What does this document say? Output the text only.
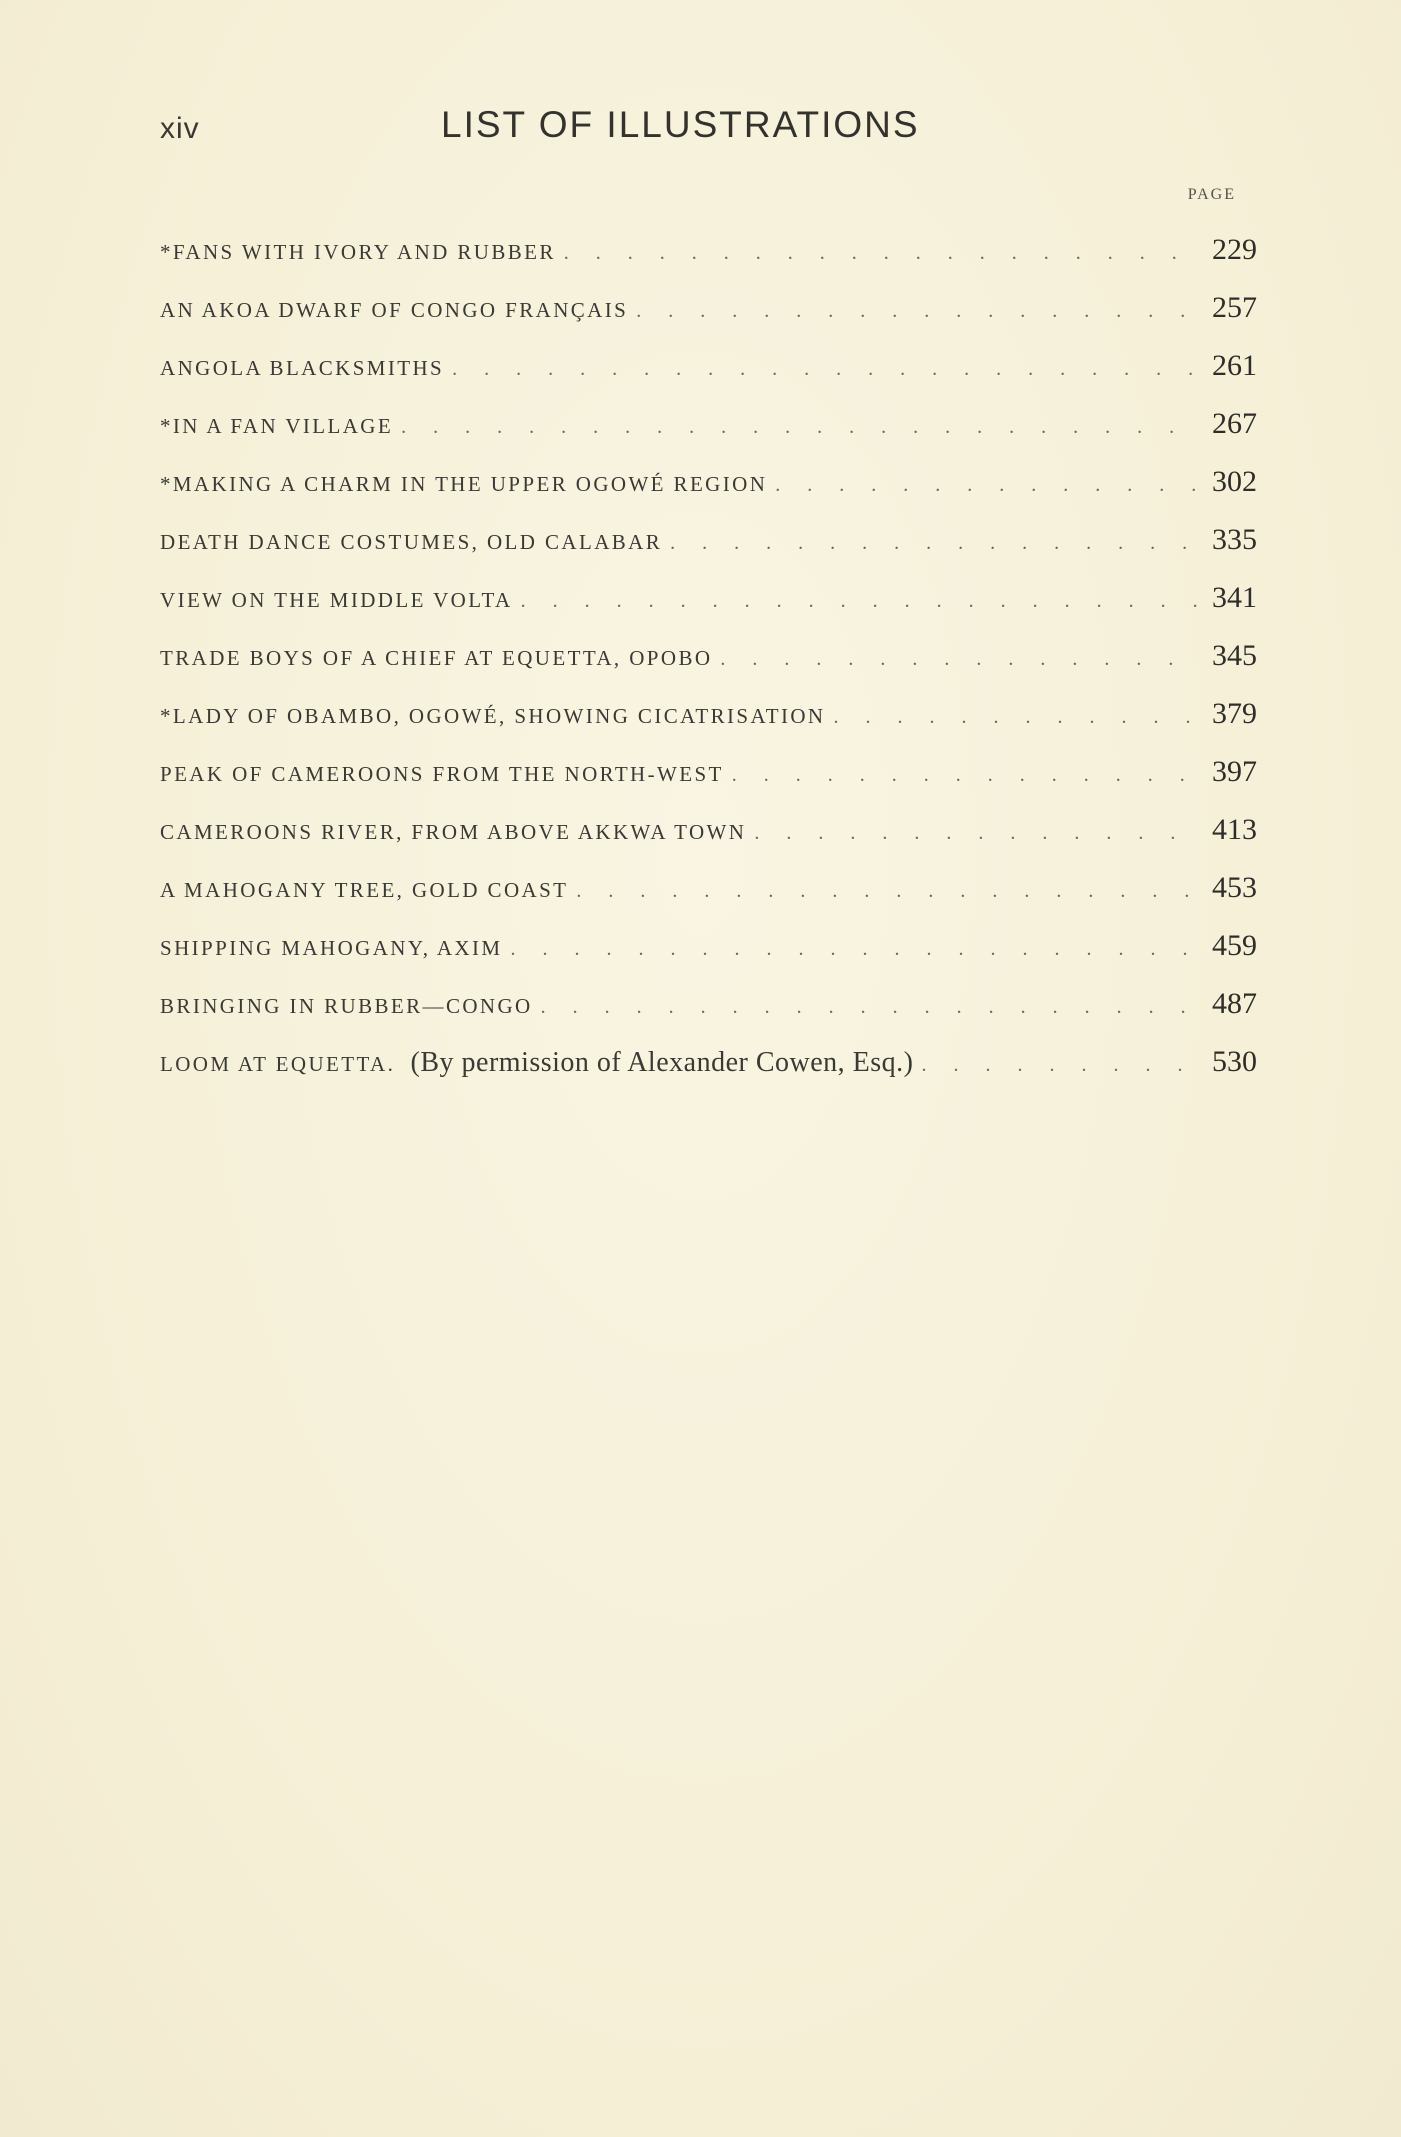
xiv	LIST OF ILLUSTRATIONS
PAGE
*FANS WITH IVORY AND RUBBER . . .	229
AN AKOA DWARF OF CONGO FRANÇAIS . . .	257
ANGOLA BLACKSMITHS . . .	261
*IN A FAN VILLAGE . . .	267
*MAKING A CHARM IN THE UPPER OGOWÉ REGION . . .	302
DEATH DANCE COSTUMES, OLD CALABAR . . .	335
VIEW ON THE MIDDLE VOLTA . . .	341
TRADE BOYS OF A CHIEF AT EQUETTA, OPOBO . . .	345
*LADY OF OBAMBO, OGOWÉ, SHOWING CICATRISATION . . .	379
PEAK OF CAMEROONS FROM THE NORTH-WEST . . .	397
CAMEROONS RIVER, FROM ABOVE AKKWA TOWN . . .	413
A MAHOGANY TREE, GOLD COAST . . .	453
SHIPPING MAHOGANY, AXIM . . .	459
BRINGING IN RUBBER—CONGO . . .	487
LOOM AT EQUETTA. (By permission of Alexander Cowen, Esq.) . . .	530
